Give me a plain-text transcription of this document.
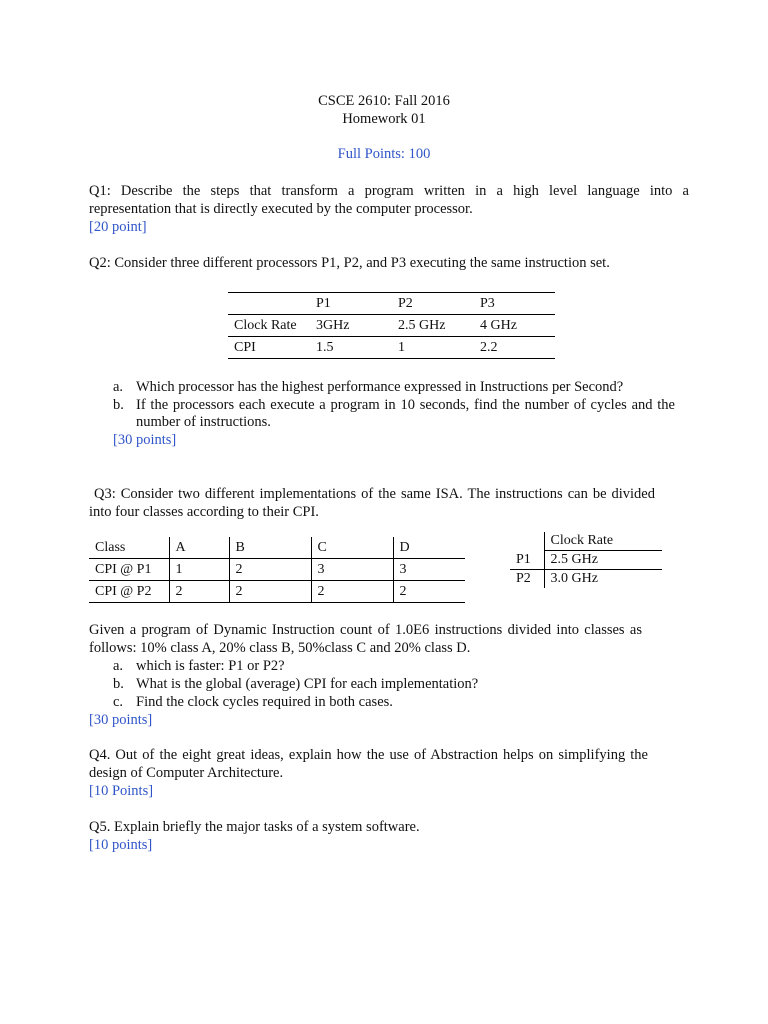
CSCE 2610: Fall 2016
Homework 01
Full Points: 100
Q1: Describe the steps that transform a program written in a high level language into a
representation that is directly executed by the computer processor.
[20 point]
Q2: Consider three different processors P1, P2, and P3 executing the same instruction set.
	P1	P2	P3
Clock Rate	3GHz	2.5 GHz	4 GHz
CPI	1.5	1	2.2
a. Which processor has the highest performance expressed in Instructions per Second?
b. If the processors each execute a program in 10 seconds, find the number of cycles and the
number of instructions.
[30 points]
Q3: Consider two different implementations of the same ISA. The instructions can be divided
into four classes according to their CPI.
Class	A	B	C	D
CPI @ P1	1	2	3	3
CPI @ P2	2	2	2	2
	Clock Rate
P1	2.5 GHz
P2	3.0 GHz
Given a program of Dynamic Instruction count of 1.0E6 instructions divided into classes as
follows: 10% class A, 20% class B, 50%class C and 20% class D.
a. which is faster: P1 or P2?
b. What is the global (average) CPI for each implementation?
c. Find the clock cycles required in both cases.
[30 points]
Q4. Out of the eight great ideas, explain how the use of Abstraction helps on simplifying the
design of Computer Architecture.
[10 Points]
Q5. Explain briefly the major tasks of a system software.
[10 points]
